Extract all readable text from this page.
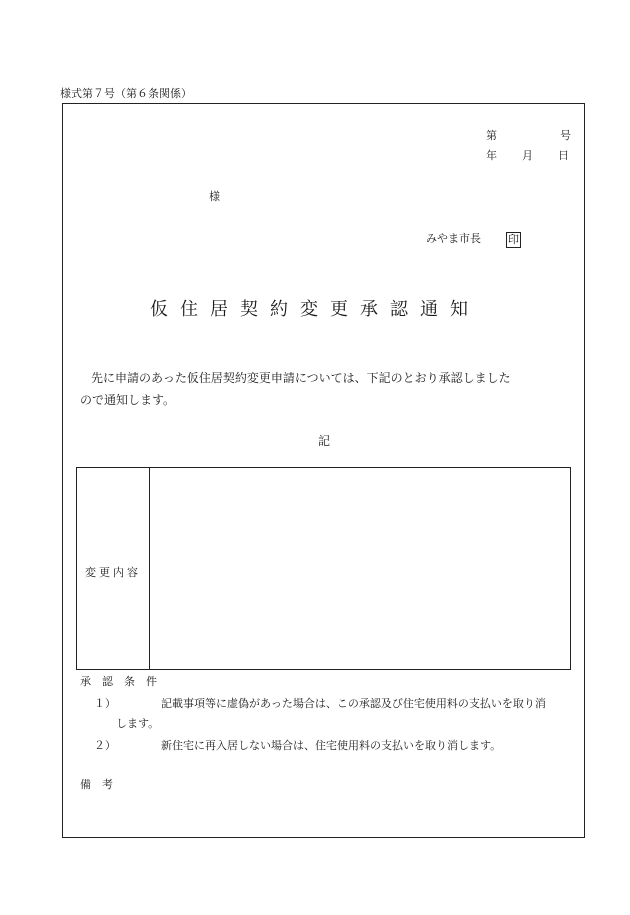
様式第７号（第６条関係）
第	号
年 月 日
様
みやま市長 印
仮住居契約変更承認通知
先に申請のあった仮住居契約変更申請については、下記のとおり承認しました
ので通知します。
記
変更内容
承　認　条　件
１）	記載事項等に虚偽があった場合は、この承認及び住宅使用料の支払いを取り消
します。
２）	新住宅に再入居しない場合は、住宅使用料の支払いを取り消します。
備　考
